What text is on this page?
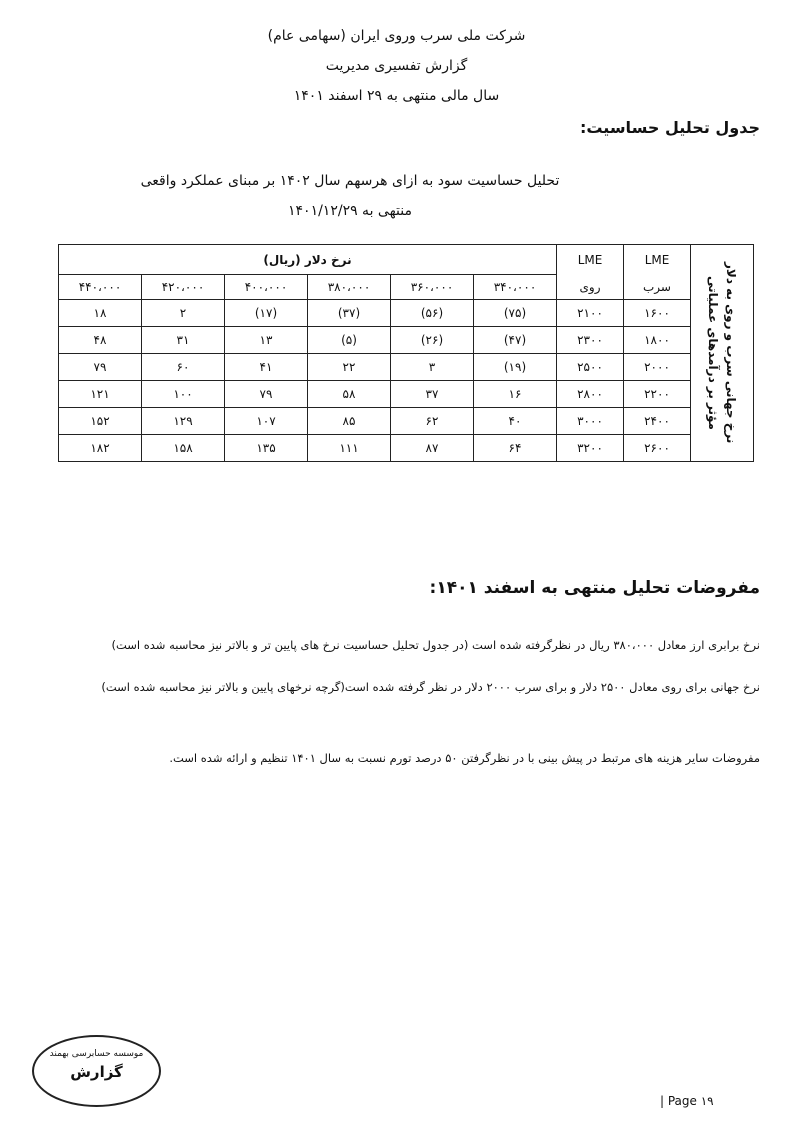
شرکت ملی سرب وروی ایران (سهامی عام)
گزارش تفسیری مدیریت
سال مالی منتهی به ۲۹ اسفند ۱۴۰۱
جدول تحلیل حساسیت:
تحلیل حساسیت سود به ازای هرسهم سال ۱۴۰۲ بر مبنای عملکرد واقعی
منتهی به ۱۴۰۱/۱۲/۲۹
نرخ جهانی سرب و روی به دلار مؤثر بر درآمدهای عملیاتی	LME	LME	نرخ دلار (ریال)					
	سرب	روی	۳۴۰،۰۰۰	۳۶۰،۰۰۰	۳۸۰،۰۰۰	۴۰۰،۰۰۰	۴۲۰،۰۰۰	۴۴۰،۰۰۰
	۱۶۰۰	۲۱۰۰	(۷۵)	(۵۶)	(۳۷)	(۱۷)	۲	۱۸
	۱۸۰۰	۲۳۰۰	(۴۷)	(۲۶)	(۵)	۱۳	۳۱	۴۸
	۲۰۰۰	۲۵۰۰	(۱۹)	۳	۲۲	۴۱	۶۰	۷۹
	۲۲۰۰	۲۸۰۰	۱۶	۳۷	۵۸	۷۹	۱۰۰	۱۲۱
	۲۴۰۰	۳۰۰۰	۴۰	۶۲	۸۵	۱۰۷	۱۲۹	۱۵۲
	۲۶۰۰	۳۲۰۰	۶۴	۸۷	۱۱۱	۱۳۵	۱۵۸	۱۸۲
مفروضات تحلیل منتهی به اسفند ۱۴۰۱:
نرخ برابری ارز معادل ۳۸۰،۰۰۰ ریال در نظرگرفته شده است (در جدول تحلیل حساسیت نرخ های پایین تر و بالاتر نیز محاسبه شده است)
نرخ جهانی برای روی معادل ۲۵۰۰ دلار و برای سرب ۲۰۰۰ دلار در نظر گرفته شده است(گرچه نرخهای پایین و بالاتر نیز محاسبه شده است)
مفروضات سایر هزینه های مرتبط در پیش بینی با در نظرگرفتن ۵۰ درصد تورم نسبت به سال ۱۴۰۱ تنظیم و ارائه شده است.
موسسه حسابرسی بهمند
گزارش
| Page ۱۹
